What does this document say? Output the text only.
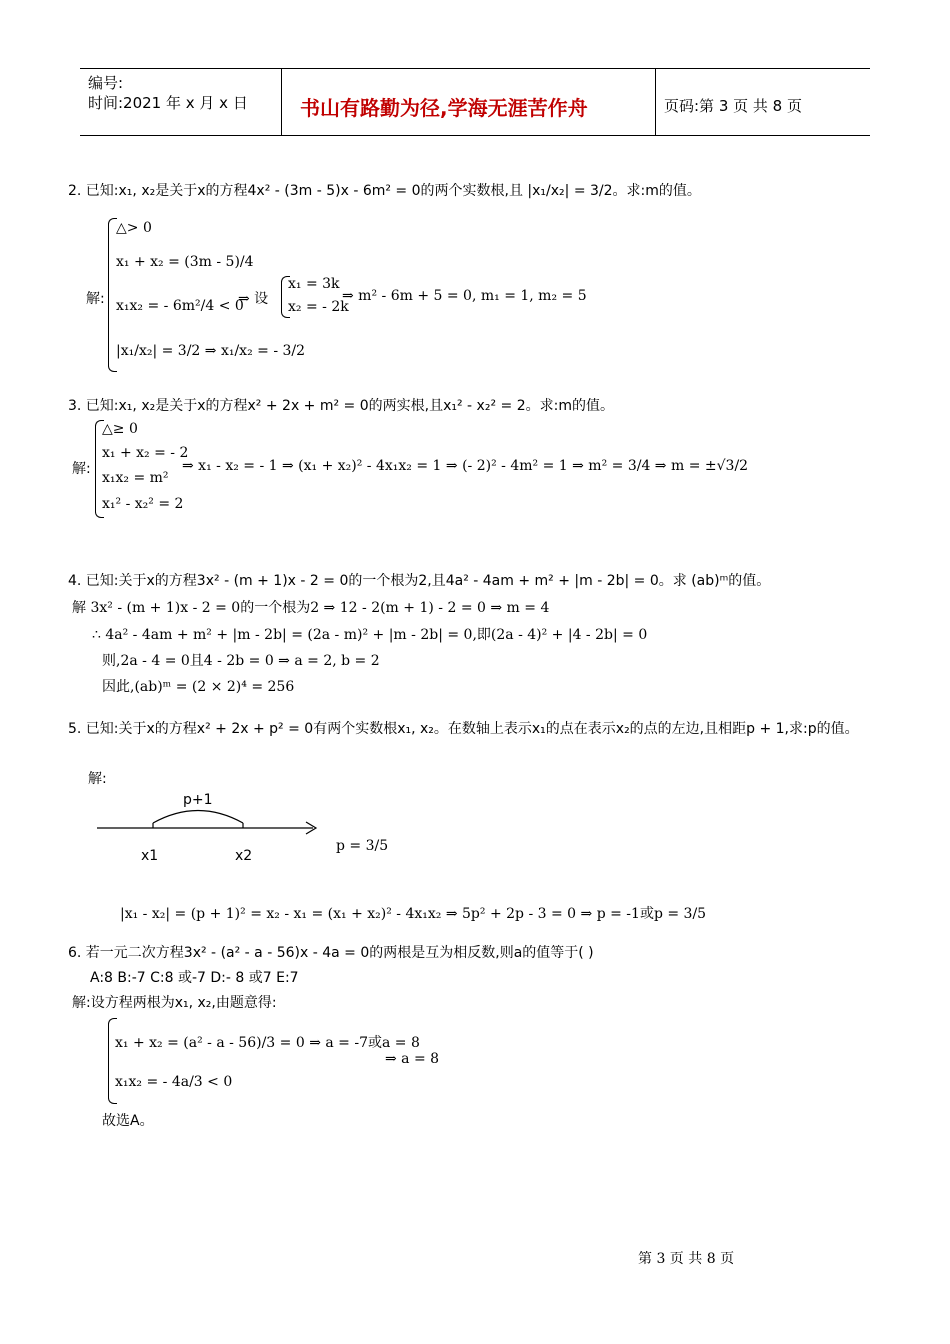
编号:
时间:2021 年 x 月 x 日	书山有路勤为径,学海无涯苦作舟	页码:第 3 页 共 8 页
2. 已知:x₁, x₂是关于x的方程4x² - (3m - 5)x - 6m² = 0的两个实数根,且 |x₁/x₂| = 3/2。求:m的值。
解:
△> 0
x₁ + x₂ = (3m - 5)/4
x₁x₂ = - 6m²/4 < 0
|x₁/x₂| = 3/2 ⇒ x₁/x₂ = - 3/2
⇒ 设
x₁ = 3k
x₂ = - 2k
⇒ m² - 6m + 5 = 0, m₁ = 1, m₂ = 5
3. 已知:x₁, x₂是关于x的方程x² + 2x + m² = 0的两实根,且x₁² - x₂² = 2。求:m的值。
解:
△≥ 0
x₁ + x₂ = - 2
x₁x₂ = m²
x₁² - x₂² = 2
⇒ x₁ - x₂ = - 1 ⇒ (x₁ + x₂)² - 4x₁x₂ = 1 ⇒ (- 2)² - 4m² = 1 ⇒ m² = 3/4 ⇒ m = ±√3/2
4. 已知:关于x的方程3x² - (m + 1)x - 2 = 0的一个根为2,且4a² - 4am + m² + |m - 2b| = 0。求 (ab)ᵐ的值。
解 3x² - (m + 1)x - 2 = 0的一个根为2 ⇒ 12 - 2(m + 1) - 2 = 0 ⇒ m = 4
∴ 4a² - 4am + m² + |m - 2b| = (2a - m)² + |m - 2b| = 0,即(2a - 4)² + |4 - 2b| = 0
则,2a - 4 = 0且4 - 2b = 0 ⇒ a = 2, b = 2
因此,(ab)ᵐ = (2 × 2)⁴ = 256
5. 已知:关于x的方程x² + 2x + p² = 0有两个实数根x₁, x₂。在数轴上表示x₁的点在表示x₂的点的左边,且相距p + 1,求:p的值。
解:
p+1
x1	x2
p = 3/5
|x₁ - x₂| = (p + 1)² = x₂ - x₁ = (x₁ + x₂)² - 4x₁x₂ ⇒ 5p² + 2p - 3 = 0 ⇒ p = -1或p = 3/5
6. 若一元二次方程3x² - (a² - a - 56)x - 4a = 0的两根是互为相反数,则a的值等于( )
A:8 B:-7 C:8 或-7 D:- 8 或7 E:7
解:设方程两根为x₁, x₂,由题意得:
x₁ + x₂ = (a² - a - 56)/3 = 0 ⇒ a = -7或a = 8
x₁x₂ = - 4a/3 < 0
⇒ a = 8
故选A。
第 3 页 共 8 页
